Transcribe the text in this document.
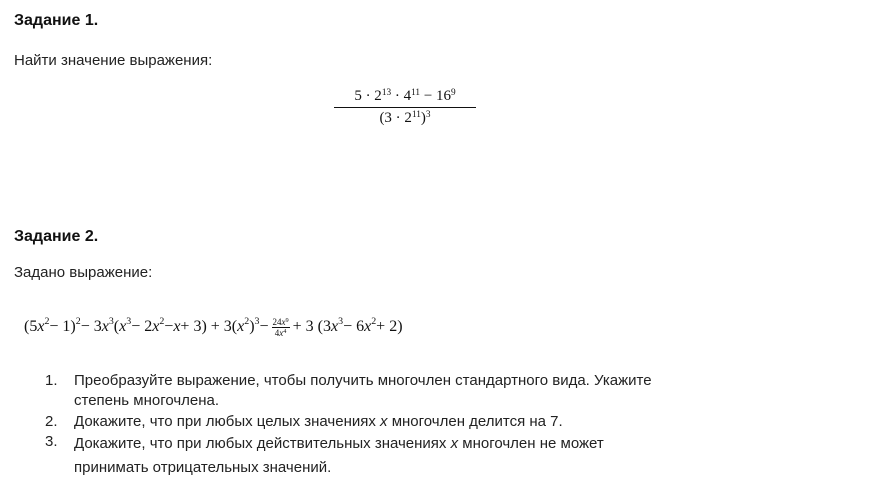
Задание 1.
Найти значение выражения:
$5 \cdot 2^{13} \cdot 4^{11} - 16^9$
$(3 \cdot 2^{11})^3$
Задание 2.
Задано выражение:
(5 $x^2 - 1)^2 - 3$ $x^3$ ( $x^3 - 2$ $x^2 - x + 3) + 3$( $x^2$ )$^3 - \frac{24x^9}{4x^4} + 3$ (3 $x^3 - 6$ $x^2 + 2$)
1. Преобразуйте выражение, чтобы получить многочлен стандартного вида. Укажите
степень многочлена.
2. Докажите, что при любых целых значениях x многочлен делится на 7.
3. Докажите, что при любых действительных значениях x многочлен не может
принимать отрицательных значений.
